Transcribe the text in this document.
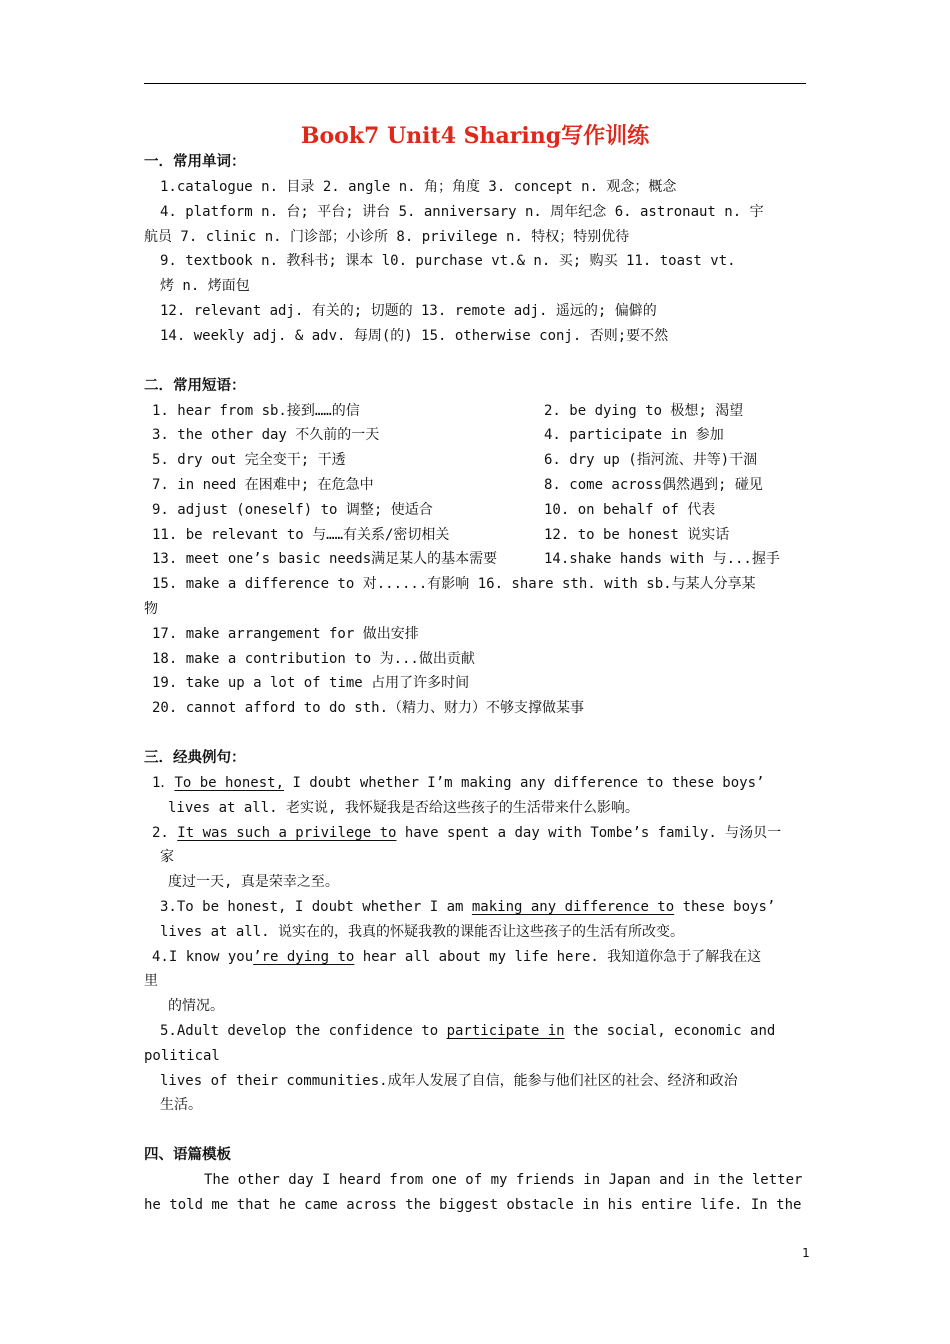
Book7 Unit4 Sharing写作训练
一．常用单词：
1.catalogue n. 目录 2. angle n. 角；角度 3. concept n. 观念；概念
4. platform n. 台; 平台; 讲台 5. anniversary n. 周年纪念 6. astronaut n. 宇
航员 7. clinic n. 门诊部；小诊所 8. privilege n. 特权；特别优待
9. textbook n. 教科书; 课本 l0. purchase vt.& n. 买; 购买 11. toast vt.
烤 n. 烤面包
12. relevant adj. 有关的; 切题的 13. remote adj. 遥远的; 偏僻的
14. weekly adj. & adv. 每周(的) 15. otherwise conj. 否则;要不然
二．常用短语：
1. hear from sb.接到……的信	2. be dying to 极想; 渴望
3. the other day 不久前的一天	4. participate in 参加
5. dry out 完全变干; 干透	6. dry up (指河流、井等)干涸
7. in need 在困难中; 在危急中	8. come across偶然遇到; 碰见
9. adjust (oneself) to 调整; 使适合	10. on behalf of 代表
11. be relevant to 与……有关系/密切相关	12. to be honest 说实话
13. meet one’s basic needs满足某人的基本需要	14.shake hands with 与...握手
15. make a difference to 对......有影响 16. share sth. with sb.与某人分享某
物
17. make arrangement for 做出安排
18. make a contribution to 为...做出贡献
19. take up a lot of time 占用了许多时间
20. cannot afford to do sth.（精力、财力）不够支撑做某事
三．经典例句：
1．To be honest, I doubt whether I’m making any difference to these boys’
lives at all. 老实说, 我怀疑我是否给这些孩子的生活带来什么影响。
2. It was such a privilege to have spent a day with Tombe’s family. 与汤贝一
家
度过一天, 真是荣幸之至。
3.To be honest, I doubt whether I am making any difference to these boys’
lives at all. 说实在的，我真的怀疑我教的课能否让这些孩子的生活有所改变。
4.I know you’re dying to hear all about my life here. 我知道你急于了解我在这
里
的情况。
5.Adult develop the confidence to participate in the social, economic and
political
lives of their communities.成年人发展了自信，能参与他们社区的社会、经济和政治
生活。
四、语篇模板
The other day I heard from one of my friends in Japan and in the letter
he told me that he came across the biggest obstacle in his entire life. In the
1
